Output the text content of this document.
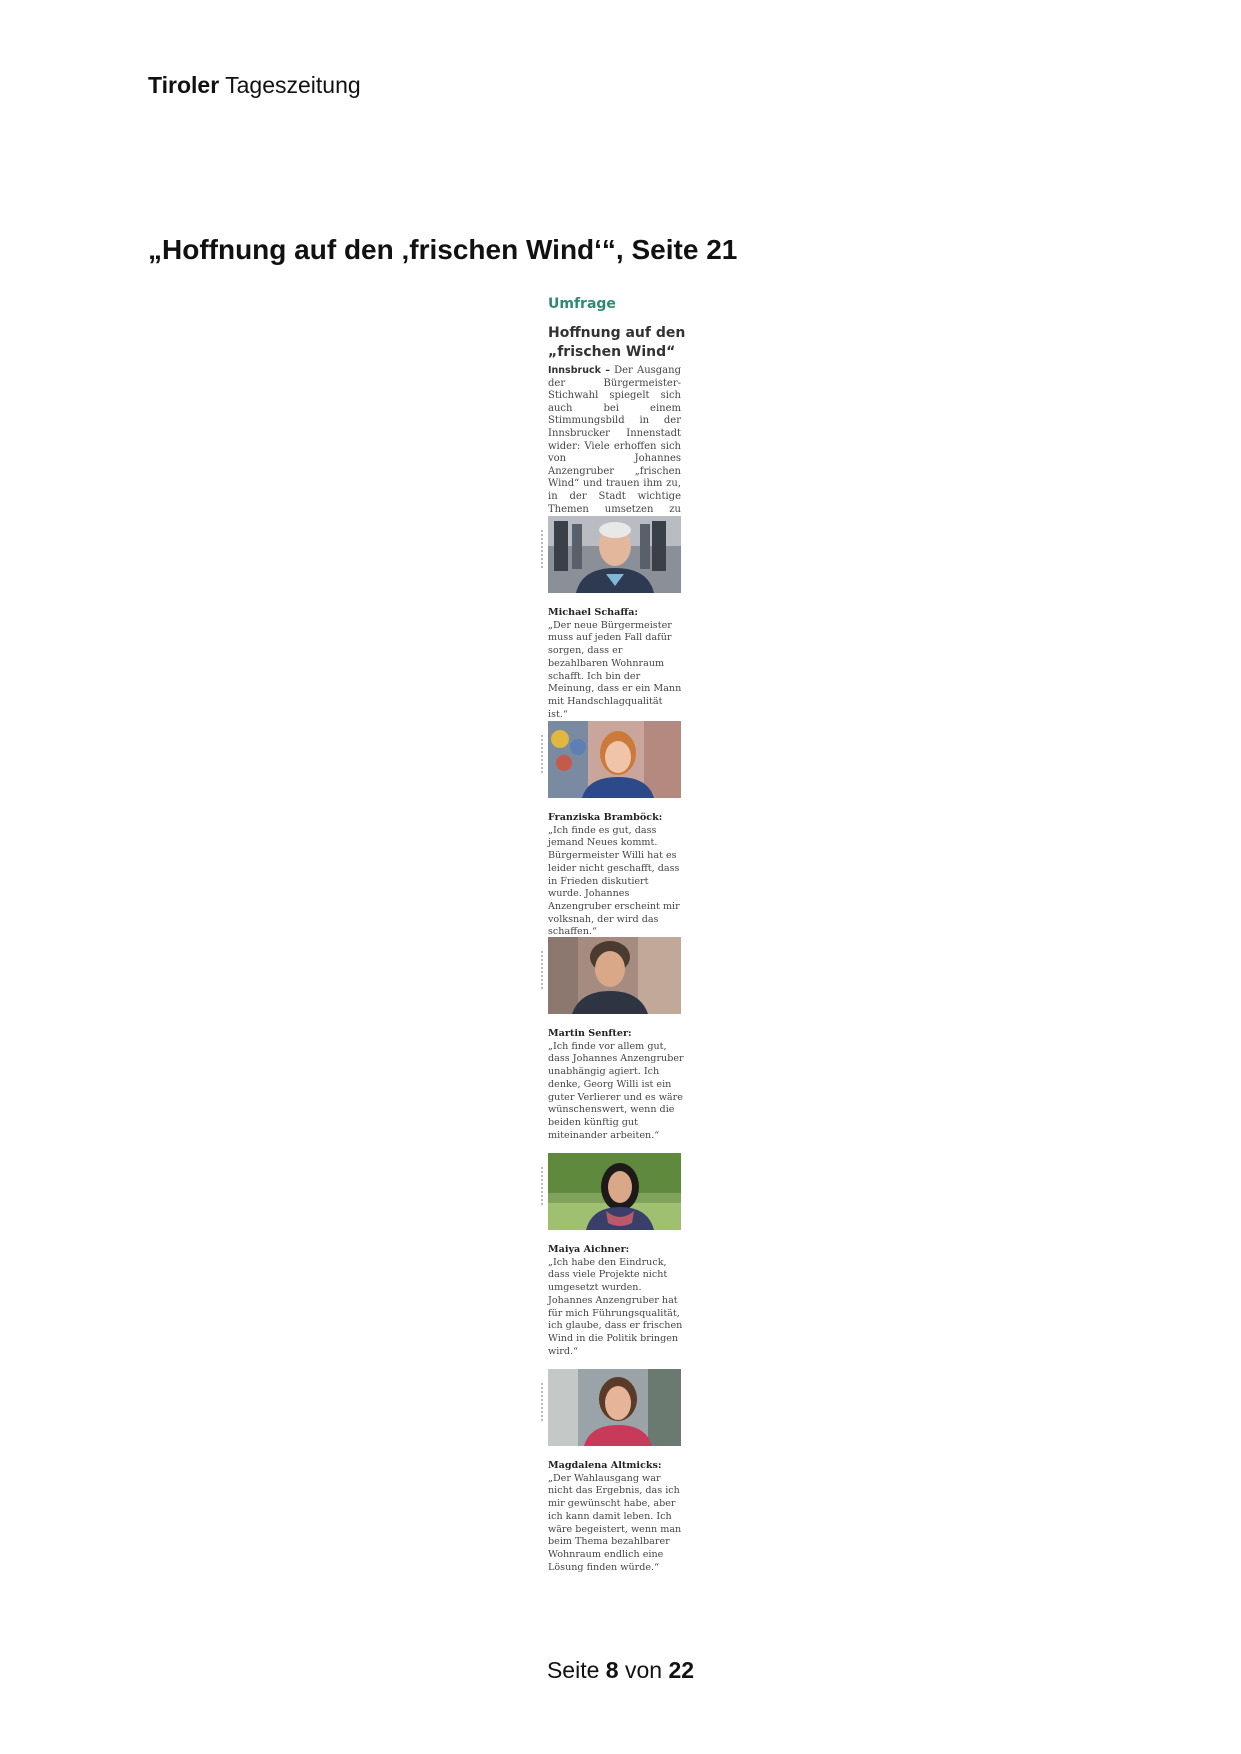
Tiroler Tageszeitung
„Hoffnung auf den ‚frischen Wind‘“, Seite 21
Umfrage
Hoffnung auf den
„frischen Wind“

Innsbruck – Der Ausgang der Bürgermeister-Stichwahl spiegelt sich auch bei einem Stimmungsbild in der Innsbrucker Innenstadt wider: Viele erhoffen sich von Johannes Anzengruber „frischen Wind“ und trauen ihm zu, in der Stadt wichtige Themen umsetzen zu

Michael Schaffa:
„Der neue Bürgermeister muss auf jeden Fall dafür sorgen, dass er bezahlbaren Wohnraum schafft. Ich bin der Meinung, dass er ein Mann mit Handschlagqualität ist.“

Franziska Bramböck:
„Ich finde es gut, dass jemand Neues kommt. Bürgermeister Willi hat es leider nicht geschafft, dass in Frieden diskutiert wurde. Johannes Anzengruber erscheint mir volksnah, der wird das schaffen.“

Martin Senfter:
„Ich finde vor allem gut, dass Johannes Anzengruber unabhängig agiert. Ich denke, Georg Willi ist ein guter Verlierer und es wäre wünschenswert, wenn die beiden künftig gut miteinander arbeiten.“

Maiya Aichner:
„Ich habe den Eindruck, dass viele Projekte nicht umgesetzt wurden. Johannes Anzengruber hat für mich Führungsqualität, ich glaube, dass er frischen Wind in die Politik bringen wird.“

Magdalena Altmicks:
„Der Wahlausgang war nicht das Ergebnis, das ich mir gewünscht habe, aber ich kann damit leben. Ich wäre begeistert, wenn man beim Thema bezahlbarer Wohnraum endlich eine Lösung finden würde.“

Seite 8 von 22
